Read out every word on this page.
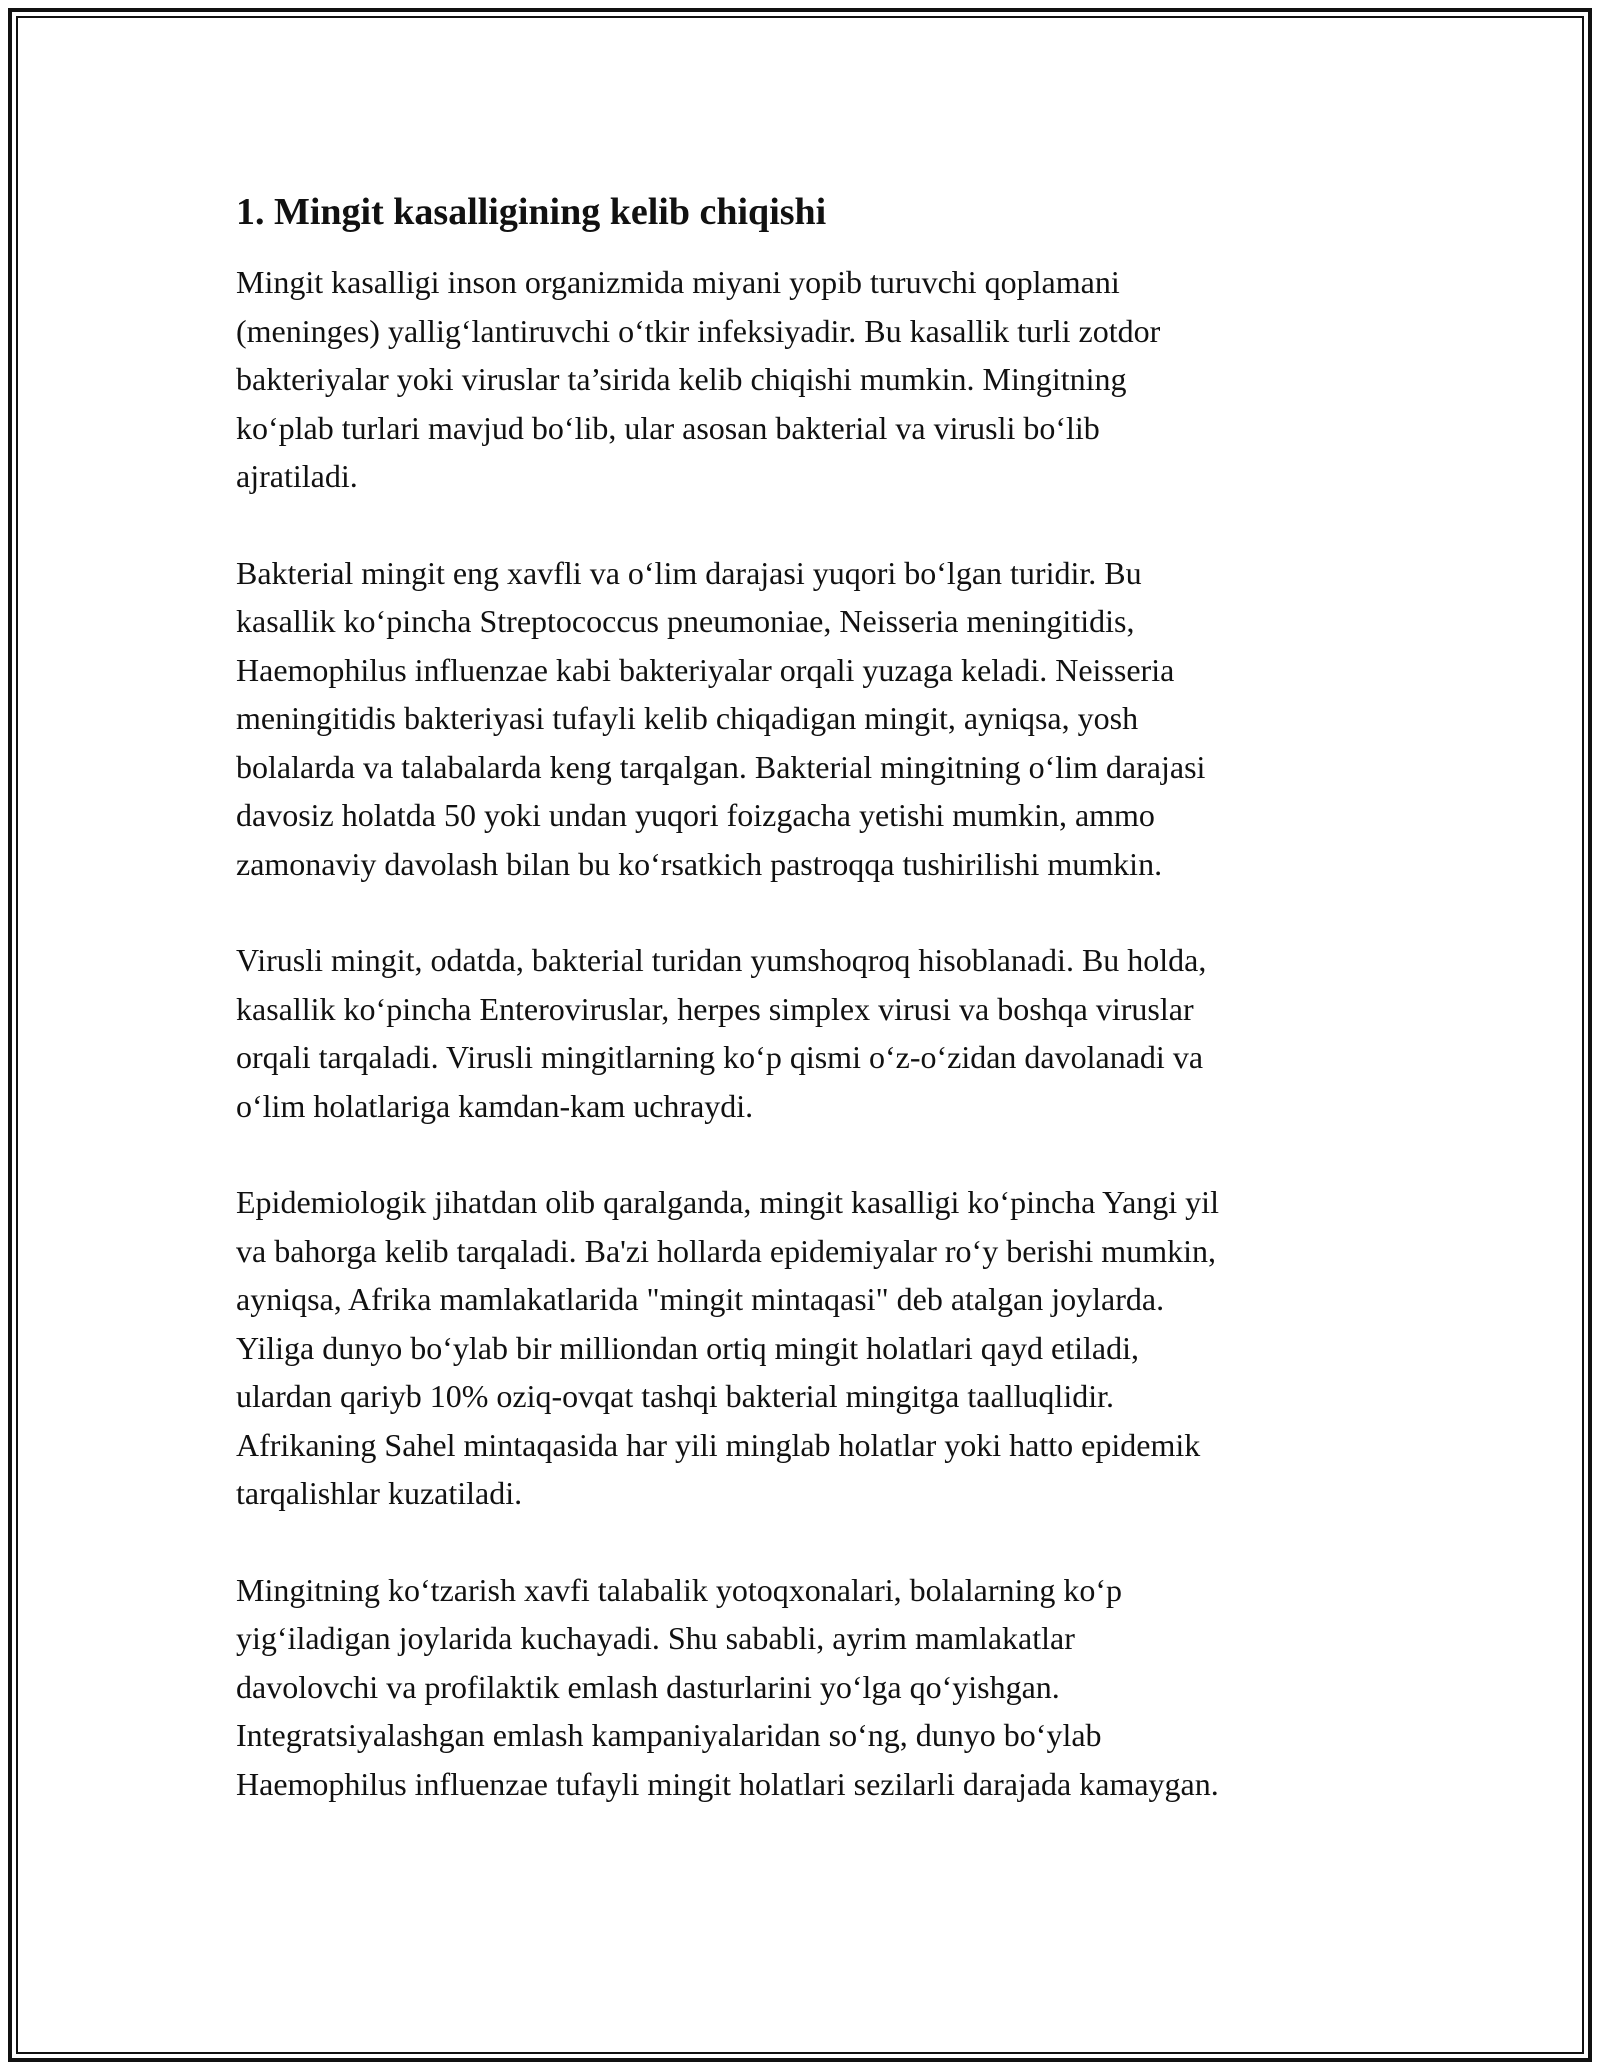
1. Mingit kasalligining kelib chiqishi

Mingit kasalligi inson organizmida miyani yopib turuvchi qoplamani
(meninges) yallig‘lantiruvchi o‘tkir infeksiyadir. Bu kasallik turli zotdor
bakteriyalar yoki viruslar ta’sirida kelib chiqishi mumkin. Mingitning
ko‘plab turlari mavjud bo‘lib, ular asosan bakterial va virusli bo‘lib
ajratiladi.

Bakterial mingit eng xavfli va o‘lim darajasi yuqori bo‘lgan turidir. Bu
kasallik ko‘pincha Streptococcus pneumoniae, Neisseria meningitidis,
Haemophilus influenzae kabi bakteriyalar orqali yuzaga keladi. Neisseria
meningitidis bakteriyasi tufayli kelib chiqadigan mingit, ayniqsa, yosh
bolalarda va talabalarda keng tarqalgan. Bakterial mingitning o‘lim darajasi
davosiz holatda 50 yoki undan yuqori foizgacha yetishi mumkin, ammo
zamonaviy davolash bilan bu ko‘rsatkich pastroqqa tushirilishi mumkin.

Virusli mingit, odatda, bakterial turidan yumshoqroq hisoblanadi. Bu holda,
kasallik ko‘pincha Enteroviruslar, herpes simplex virusi va boshqa viruslar
orqali tarqaladi. Virusli mingitlarning ko‘p qismi o‘z-o‘zidan davolanadi va
o‘lim holatlariga kamdan-kam uchraydi.

Epidemiologik jihatdan olib qaralganda, mingit kasalligi ko‘pincha Yangi yil
va bahorga kelib tarqaladi. Ba'zi hollarda epidemiyalar ro‘y berishi mumkin,
ayniqsa, Afrika mamlakatlarida "mingit mintaqasi" deb atalgan joylarda.
Yiliga dunyo bo‘ylab bir milliondan ortiq mingit holatlari qayd etiladi,
ulardan qariyb 10% oziq-ovqat tashqi bakterial mingitga taalluqlidir.
Afrikaning Sahel mintaqasida har yili minglab holatlar yoki hatto epidemik
tarqalishlar kuzatiladi.

Mingitning ko‘tzarish xavfi talabalik yotoqxonalari, bolalarning ko‘p
yig‘iladigan joylarida kuchayadi. Shu sababli, ayrim mamlakatlar
davolovchi va profilaktik emlash dasturlarini yo‘lga qo‘yishgan.
Integratsiyalashgan emlash kampaniyalaridan so‘ng, dunyo bo‘ylab
Haemophilus influenzae tufayli mingit holatlari sezilarli darajada kamaygan.
